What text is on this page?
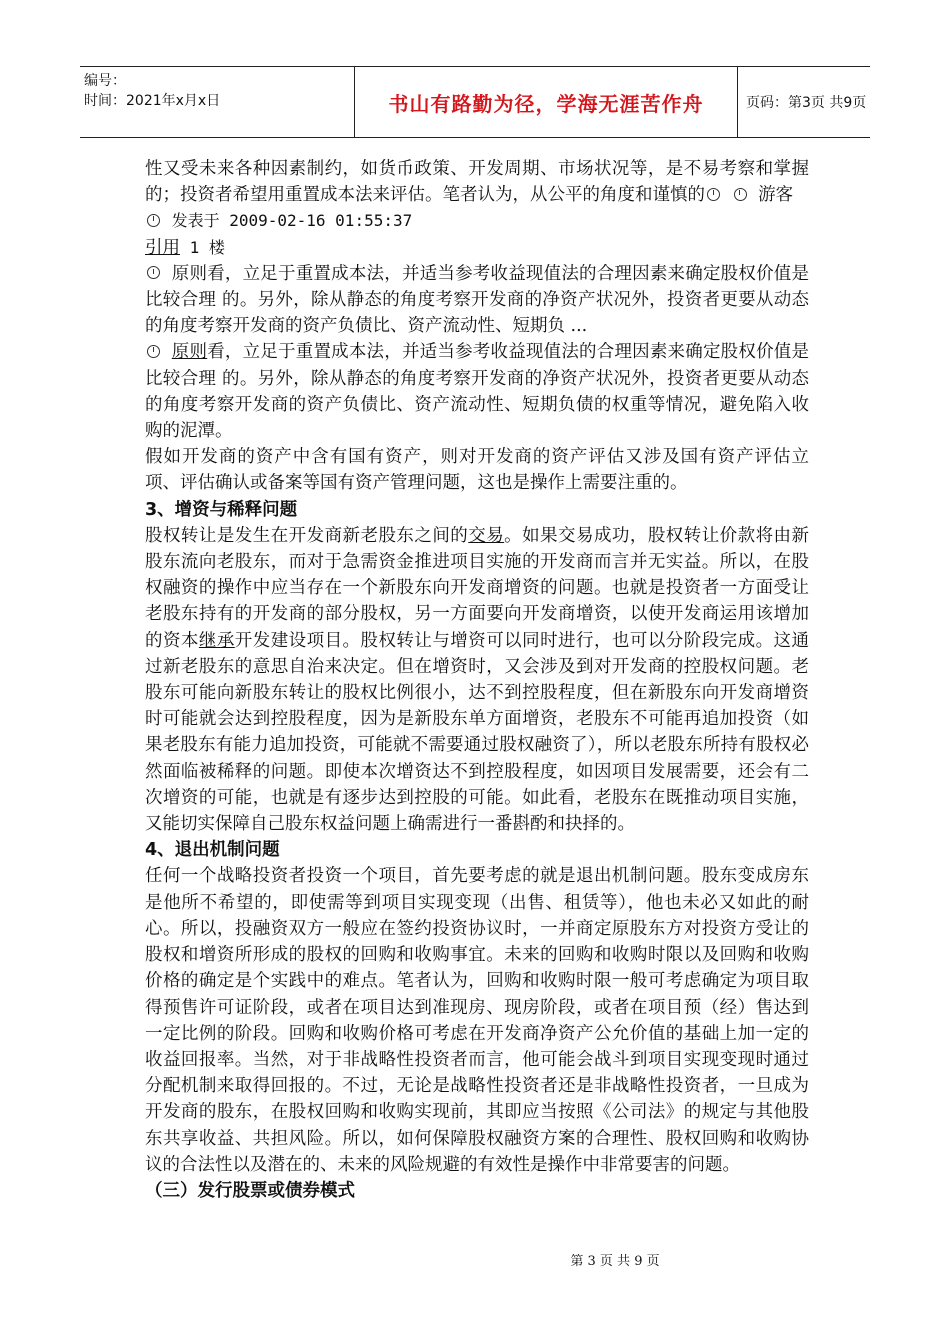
编号：
时间：2021年x月x日	书山有路勤为径，学海无涯苦作舟	页码：第3页 共9页

性又受未来各种因素制约，如货币政策、开发周期、市场状况等，是不易考察和掌握的；投资者希望用重置成本法来评估。笔者认为，从公平的角度和谨慎的	游客

发表于 2009-02-16 01:55:37

引用 1 楼

原则看，立足于重置成本法，并适当参考收益现值法的合理因素来确定股权价值是比较合理 的。另外，除从静态的角度考察开发商的净资产状况外，投资者更要从动态的角度考察开发商的资产负债比、资产流动性、短期负 ...

原则看，立足于重置成本法，并适当参考收益现值法的合理因素来确定股权价值是比较合理 的。另外，除从静态的角度考察开发商的净资产状况外，投资者更要从动态的角度考察开发商的资产负债比、资产流动性、短期负债的权重等情况，避免陷入收购的泥潭。

假如开发商的资产中含有国有资产，则对开发商的资产评估又涉及国有资产评估立项、评估确认或备案等国有资产管理问题，这也是操作上需要注重的。

3、增资与稀释问题

股权转让是发生在开发商新老股东之间的交易。如果交易成功，股权转让价款将由新股东流向老股东，而对于急需资金推进项目实施的开发商而言并无实益。所以，在股权融资的操作中应当存在一个新股东向开发商增资的问题。也就是投资者一方面受让老股东持有的开发商的部分股权，另一方面要向开发商增资，以使开发商运用该增加的资本继承开发建设项目。股权转让与增资可以同时进行，也可以分阶段完成。这通过新老股东的意思自治来决定。但在增资时，又会涉及到对开发商的控股权问题。老股东可能向新股东转让的股权比例很小，达不到控股程度，但在新股东向开发商增资时可能就会达到控股程度，因为是新股东单方面增资，老股东不可能再追加投资（如果老股东有能力追加投资，可能就不需要通过股权融资了），所以老股东所持有股权必然面临被稀释的问题。即使本次增资达不到控股程度，如因项目发展需要，还会有二次增资的可能，也就是有逐步达到控股的可能。如此看，老股东在既推动项目实施，又能切实保障自己股东权益问题上确需进行一番斟酌和抉择的。

4、退出机制问题

任何一个战略投资者投资一个项目，首先要考虑的就是退出机制问题。股东变成房东是他所不希望的，即使需等到项目实现变现（出售、租赁等），他也未必又如此的耐心。所以，投融资双方一般应在签约投资协议时，一并商定原股东方对投资方受让的股权和增资所形成的股权的回购和收购事宜。未来的回购和收购时限以及回购和收购价格的确定是个实践中的难点。笔者认为，回购和收购时限一般可考虑确定为项目取得预售许可证阶段，或者在项目达到准现房、现房阶段，或者在项目预（经）售达到一定比例的阶段。回购和收购价格可考虑在开发商净资产公允价值的基础上加一定的收益回报率。当然，对于非战略性投资者而言，他可能会战斗到项目实现变现时通过分配机制来取得回报的。不过，无论是战略性投资者还是非战略性投资者，一旦成为开发商的股东，在股权回购和收购实现前，其即应当按照《公司法》的规定与其他股东共享收益、共担风险。所以，如何保障股权融资方案的合理性、股权回购和收购协议的合法性以及潜在的、未来的风险规避的有效性是操作中非常要害的问题。

（三）发行股票或债券模式

第 3 页 共 9 页
